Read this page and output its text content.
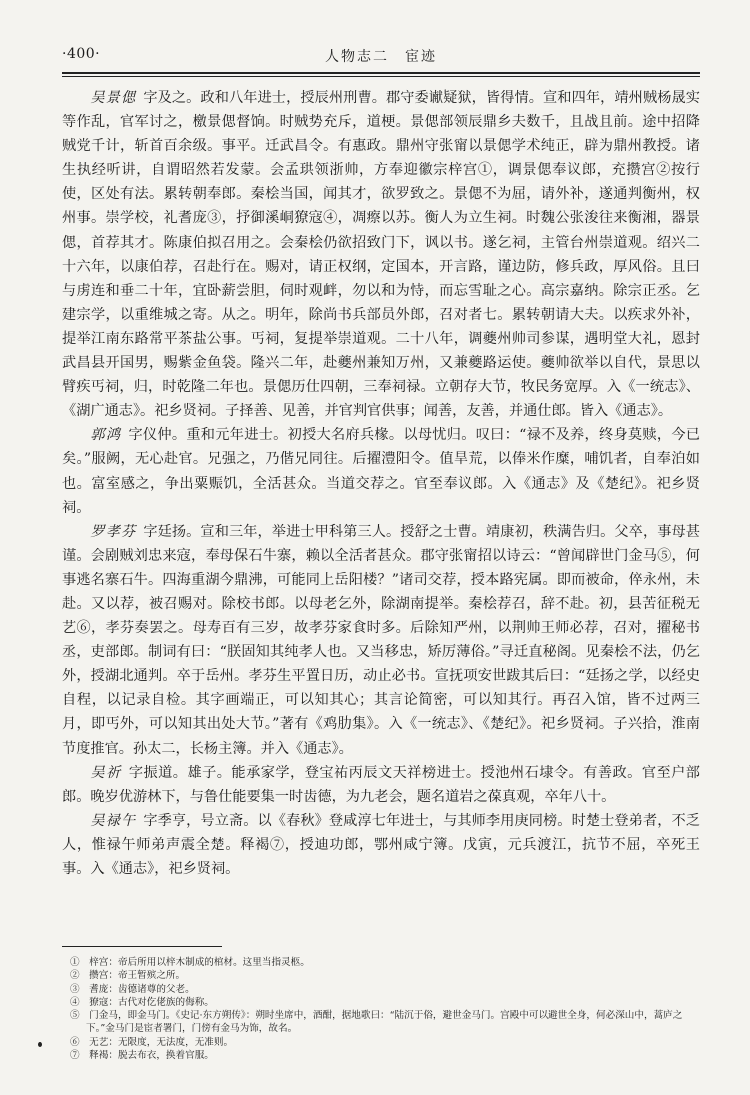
·400·	人物志二　宦迹

吴景偲 字及之。政和八年进士，授辰州刑曹。郡守委谳疑狱，皆得情。宣和四年，靖州贼杨晟实等作乱，官军讨之，檄景偲督饷。时贼势充斥，道梗。景偲部领辰鼎乡夫数千，且战且前。途中招降贼党千计，斩首百余级。事平。迁武昌令。有惠政。鼎州守张甯以景偲学术纯正，辟为鼎州教授。诸生执经听讲，自谓昭然若发蒙。会孟珙领浙帅，方奉迎徽宗梓宫①，调景偲奉议郎，充攒宫②按行使，区处有法。累转朝奉郎。秦桧当国，闻其才，欲罗致之。景偲不为屈，请外补，遂通判衡州，权州事。崇学校，礼耆庞③，抒御溪峒獠寇④，凋瘵以苏。衡人为立生祠。时魏公张浚往来衡湘，器景偲，首荐其才。陈康伯拟召用之。会秦桧仍欲招致门下，讽以书。遂乞祠，主管台州崇道观。绍兴二十六年，以康伯荐，召赴行在。赐对，请正权纲，定国本，开言路，谨边防，修兵政，厚风俗。且曰与虏连和垂二十年，宜卧薪尝胆，伺时观衅，勿以和为恃，而忘雪耻之心。高宗嘉纳。除宗正丞。乞建宗学，以重维城之寄。从之。明年，除尚书兵部员外郎，召对者七。累转朝请大夫。以疾求外补，提举江南东路常平茶盐公事。丐祠，复提举崇道观。二十八年，调夔州帅司参谋，遇明堂大礼，恩封武昌县开国男，赐紫金鱼袋。隆兴二年，赴夔州兼知万州，又兼夔路运使。夔帅欲举以自代，景思以臂疾丐祠，归，时乾隆二年也。景偲历仕四朝，三奉祠禄。立朝存大节，牧民务宽厚。入《一统志》、《湖广通志》。祀乡贤祠。子择善、见善，并官判官供事；闻善，友善，并通仕郎。皆入《通志》。

郭鸿 字仪仲。重和元年进士。初授大名府兵椽。以母忧归。叹曰：“禄不及养，终身莫赎，今已矣。”服阙，无心赴官。兄强之，乃偕兄同往。后擢澧阳令。值旱荒，以俸米作糜，哺饥者，自奉泊如也。富室感之，争出粟赈饥，全活甚众。当道交荐之。官至奉议郎。入《通志》及《楚纪》。祀乡贤祠。

罗孝芬 字廷扬。宣和三年，举进士甲科第三人。授舒之士曹。靖康初，秩满告归。父卒，事母甚谨。会剧贼刘忠来寇，奉母保石牛寨，赖以全活者甚众。郡守张甯招以诗云：“曾闻辟世门金马⑤，何事逃名寨石牛。四海重湖今鼎沸，可能同上岳阳楼？”诸司交荐，授本路宪属。即而被命，倅永州，未赴。又以荐，被召赐对。除校书郎。以母老乞外，除湖南提举。秦桧荐召，辞不赴。初，县苦征税无艺⑥，孝芬奏罢之。母寿百有三岁，故孝芬家食时多。后除知严州，以荆帅王师必荐，召对，擢秘书丞，吏部郎。制词有曰：“朕固知其纯孝人也。又当移忠，矫厉薄俗。”寻迁直秘阁。见秦桧不法，仍乞外，授湖北通判。卒于岳州。孝芬生平置日历，动止必书。宣抚项安世跋其后曰：“廷扬之学，以经史自程，以记录自检。其字画端正，可以知其心；其言论简密，可以知其行。再召入馆，皆不过两三月，即丐外，可以知其出处大节。”著有《鸡肋集》。入《一统志》、《楚纪》。祀乡贤祠。子兴拾，淮南节度推官。孙太二，长杨主簿。并入《通志》。

吴祈 字振道。雄子。能承家学，登宝祐丙辰文天祥榜进士。授池州石埭令。有善政。官至户部郎。晚岁优游林下，与鲁仕能要集一时齿德，为九老会，题名道岩之葆真观，卒年八十。

吴禄午 字季亨，号立斋。以《春秋》登咸淳七年进士，与其师李用庚同榜。时楚士登弟者，不乏人，惟禄午师弟声震全楚。释褐⑦，授迪功郎，鄂州咸宁簿。戊寅，元兵渡江，抗节不屈，卒死王事。入《通志》，祀乡贤祠。

①　梓宫：帝后所用以梓木制成的棺材。这里当指灵柩。

②　攒宫：帝王暂殡之所。

③　耆庞：齿德诸尊的父老。

④　獠寇：古代对仡佬族的侮称。

⑤　门金马，即金马门。《史记·东方朔传》：朔时坐席中，酒酣，据地歌曰：“陆沉于俗，避世金马门。宫殿中可以避世全身，何必深山中，蒿庐之下。”金马门是宦者署门，门傍有金马为饰，故名。

⑥　无艺：无限度，无法度，无准则。

⑦　释褐：脱去布衣，换着官服。
